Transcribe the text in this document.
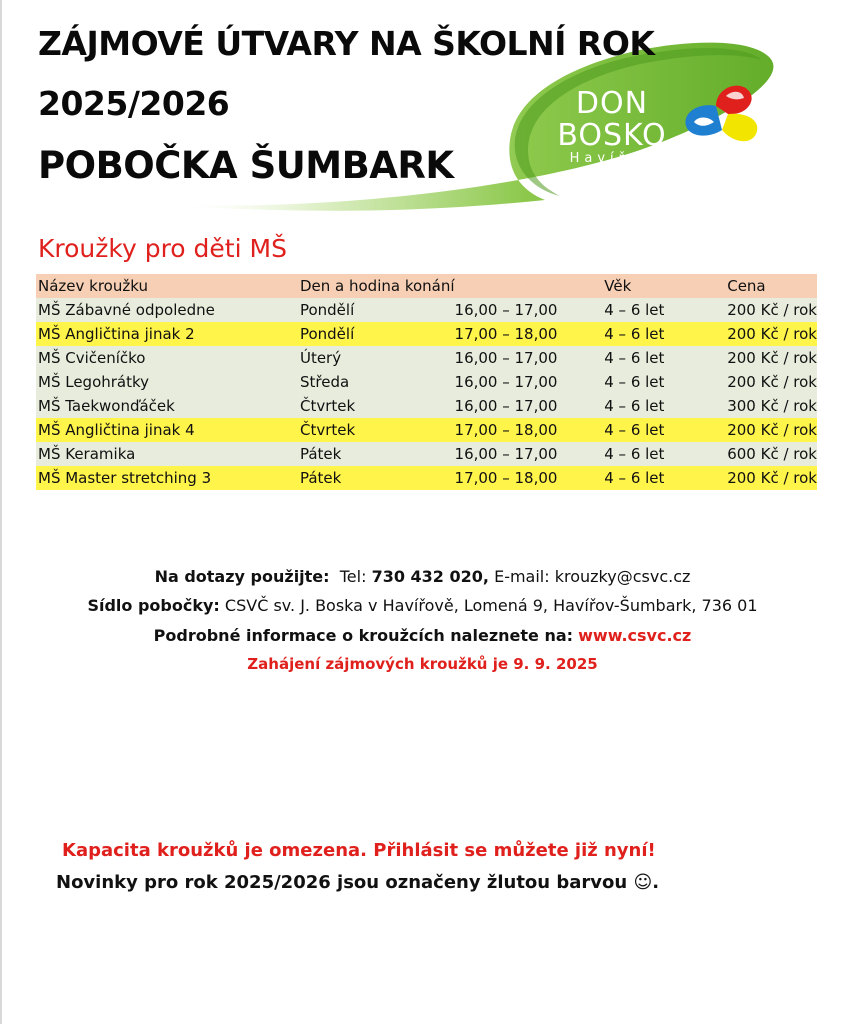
DON
BOSKO
Havířov
ZÁJMOVÉ ÚTVARY NA ŠKOLNÍ ROK
2025/2026
POBOČKA ŠUMBARK
Kroužky pro děti MŠ
Název kroužku	Den a hodina konání		Věk	Cena
MŠ Zábavné odpoledne	Pondělí	16,00 – 17,00	4 – 6 let	200 Kč / rok
MŠ Angličtina jinak 2	Pondělí	17,00 – 18,00	4 – 6 let	200 Kč / rok
MŠ Cvičeníčko	Úterý	16,00 – 17,00	4 – 6 let	200 Kč / rok
MŠ Legohrátky	Středa	16,00 – 17,00	4 – 6 let	200 Kč / rok
MŠ Taekwonďáček	Čtvrtek	16,00 – 17,00	4 – 6 let	300 Kč / rok
MŠ Angličtina jinak 4	Čtvrtek	17,00 – 18,00	4 – 6 let	200 Kč / rok
MŠ Keramika	Pátek	16,00 – 17,00	4 – 6 let	600 Kč / rok
MŠ Master stretching 3	Pátek	17,00 – 18,00	4 – 6 let	200 Kč / rok
Na dotazy použijte: Tel: 730 432 020, E-mail: krouzky@csvc.cz
Sídlo pobočky: CSVČ sv. J. Boska v Havířově, Lomená 9, Havířov-Šumbark, 736 01
Podrobné informace o kroužcích naleznete na: www.csvc.cz
Zahájení zájmových kroužků je 9. 9. 2025
Kapacita kroužků je omezena. Přihlásit se můžete již nyní!
Novinky pro rok 2025/2026 jsou označeny žlutou barvou ☺.
